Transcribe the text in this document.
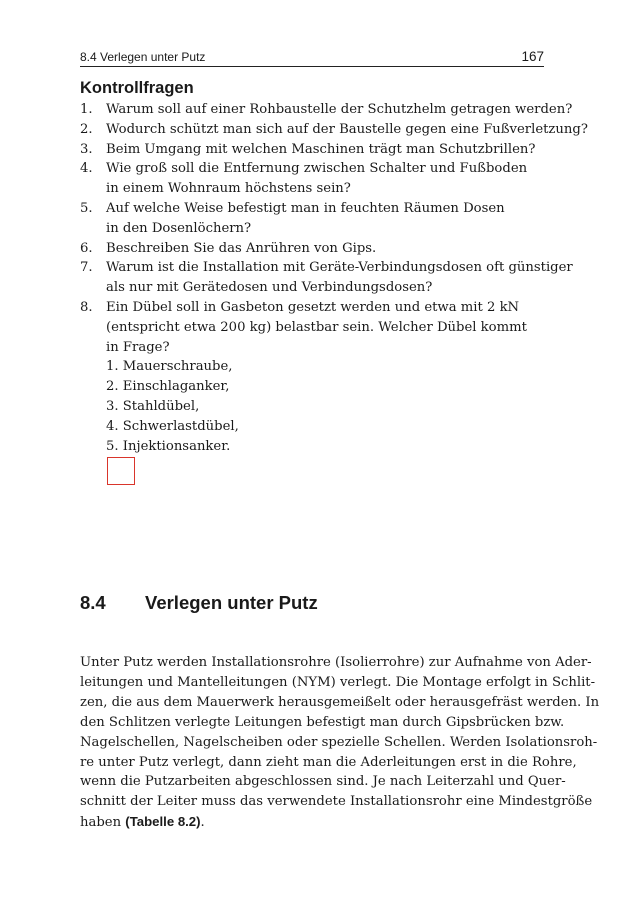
8.4 Verlegen unter Putz	167
Kontrollfragen
1. Warum soll auf einer Rohbaustelle der Schutzhelm getragen werden?
2. Wodurch schützt man sich auf der Baustelle gegen eine Fußverletzung?
3. Beim Umgang mit welchen Maschinen trägt man Schutzbrillen?
4. Wie groß soll die Entfernung zwischen Schalter und Fußboden
in einem Wohnraum höchstens sein?
5. Auf welche Weise befestigt man in feuchten Räumen Dosen
in den Dosenlöchern?
6. Beschreiben Sie das Anrühren von Gips.
7. Warum ist die Installation mit Geräte-Verbindungsdosen oft günstiger
als nur mit Gerätedosen und Verbindungsdosen?
8. Ein Dübel soll in Gasbeton gesetzt werden und etwa mit 2 kN
(entspricht etwa 200 kg) belastbar sein. Welcher Dübel kommt
in Frage?
1. Mauerschraube,
2. Einschlaganker,
3. Stahldübel,
4. Schwerlastdübel,
5. Injektionsanker.
8.4 Verlegen unter Putz
Unter Putz werden Installationsrohre (Isolierrohre) zur Aufnahme von Ader-
leitungen und Mantelleitungen (NYM) verlegt. Die Montage erfolgt in Schlit-
zen, die aus dem Mauerwerk herausgemeißelt oder herausgefräst werden. In
den Schlitzen verlegte Leitungen befestigt man durch Gipsbrücken bzw.
Nagelschellen, Nagelscheiben oder spezielle Schellen. Werden Isolationsroh-
re unter Putz verlegt, dann zieht man die Aderleitungen erst in die Rohre,
wenn die Putzarbeiten abgeschlossen sind. Je nach Leiterzahl und Quer-
schnitt der Leiter muss das verwendete Installationsrohr eine Mindestgröße
haben (Tabelle 8.2).
